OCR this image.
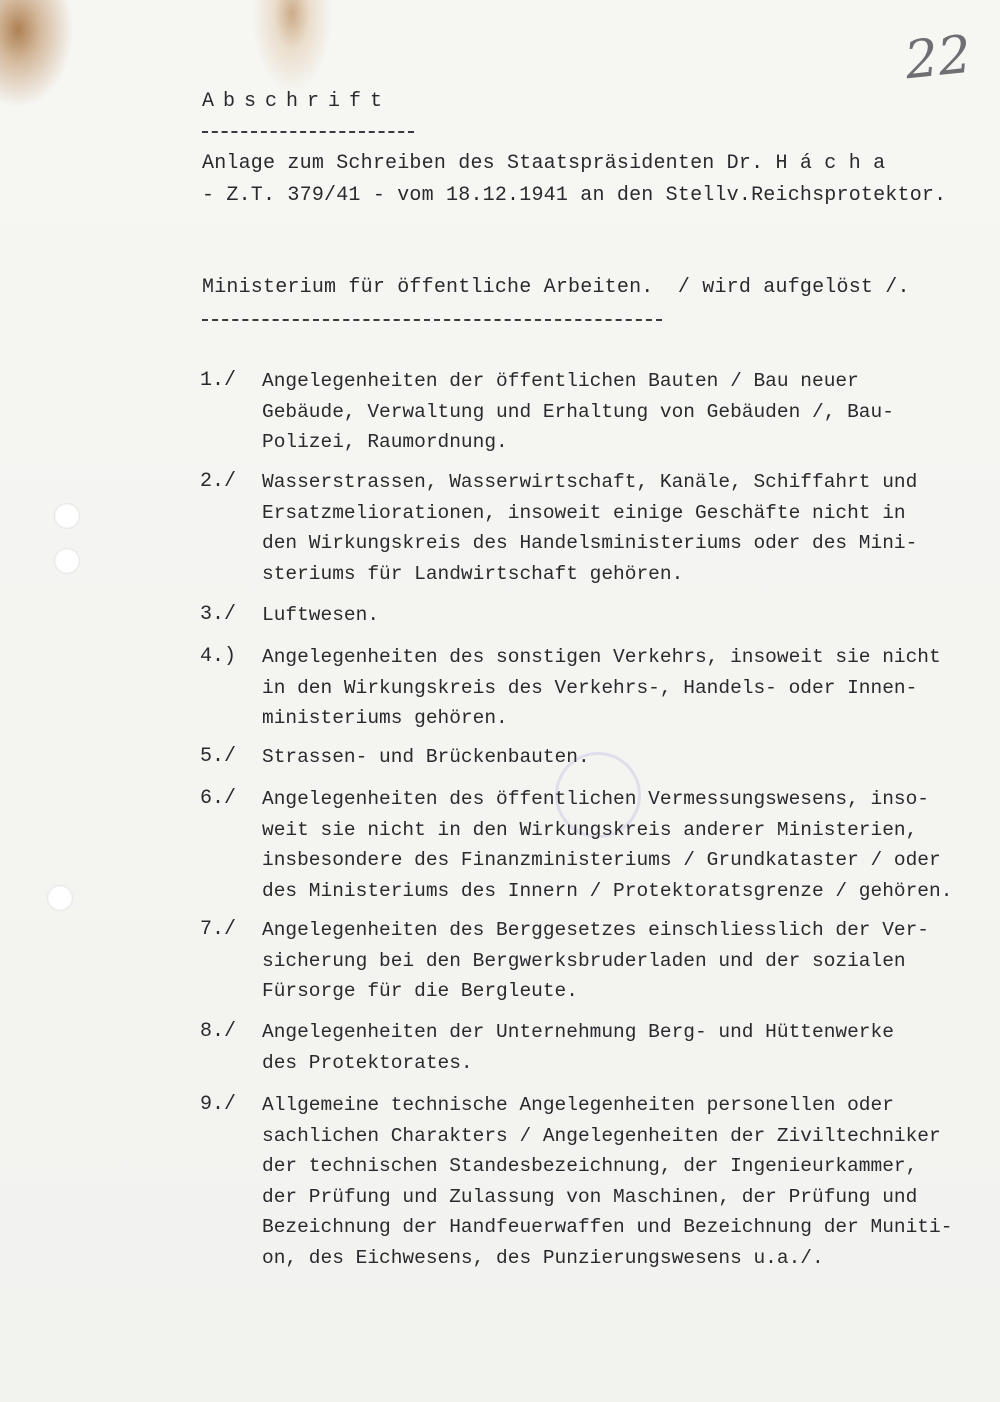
22
Abschrift
Anlage zum Schreiben des Staatspräsidenten Dr. H á c h a
- Z.T. 379/41 - vom 18.12.1941 an den Stellv.Reichsprotektor.
Ministerium für öffentliche Arbeiten.  / wird aufgelöst /.
1./ Angelegenheiten der öffentlichen Bauten / Bau neuer
Gebäude, Verwaltung und Erhaltung von Gebäuden /, Bau-
Polizei, Raumordnung.

2./ Wasserstrassen, Wasserwirtschaft, Kanäle, Schiffahrt und
Ersatzmeliorationen, insoweit einige Geschäfte nicht in
den Wirkungskreis des Handelsministeriums oder des Mini-
steriums für Landwirtschaft gehören.

3./ Luftwesen.

4.) Angelegenheiten des sonstigen Verkehrs, insoweit sie nicht
in den Wirkungskreis des Verkehrs-, Handels- oder Innen-
ministeriums gehören.

5./ Strassen- und Brückenbauten.

6./ Angelegenheiten des öffentlichen Vermessungswesens, inso-
weit sie nicht in den Wirkungskreis anderer Ministerien,
insbesondere des Finanzministeriums / Grundkataster / oder
des Ministeriums des Innern / Protektoratsgrenze / gehören.

7./ Angelegenheiten des Berggesetzes einschliesslich der Ver-
sicherung bei den Bergwerksbruderladen und der sozialen
Fürsorge für die Bergleute.

8./ Angelegenheiten der Unternehmung Berg- und Hüttenwerke
des Protektorates.

9./ Allgemeine technische Angelegenheiten personellen oder
sachlichen Charakters / Angelegenheiten der Ziviltechniker
der technischen Standesbezeichnung, der Ingenieurkammer,
der Prüfung und Zulassung von Maschinen, der Prüfung und
Bezeichnung der Handfeuerwaffen und Bezeichnung der Muniti-
on, des Eichwesens, des Punzierungswesens u.a./.
